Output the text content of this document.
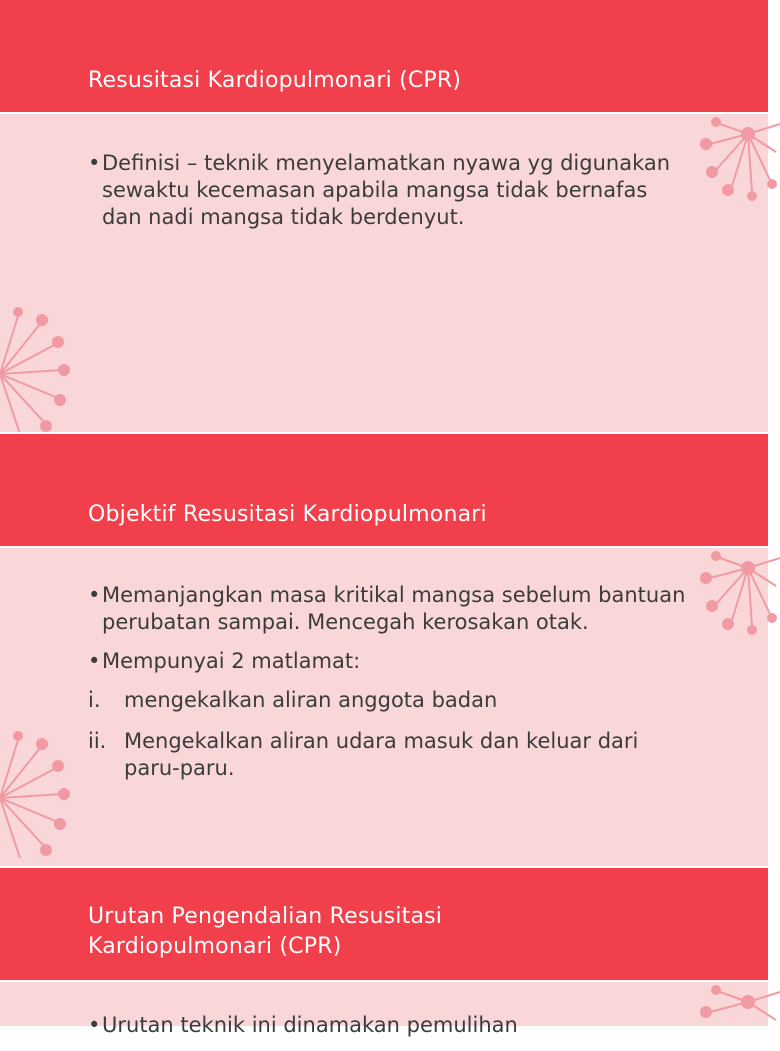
Resusitasi Kardiopulmonari (CPR)
• Definisi – teknik menyelamatkan nyawa yg digunakan sewaktu kecemasan apabila mangsa tidak bernafas dan nadi mangsa tidak berdenyut.
Objektif Resusitasi Kardiopulmonari
• Memanjangkan masa kritikal mangsa sebelum bantuan perubatan sampai. Mencegah kerosakan otak.
• Mempunyai 2 matlamat:
i. mengekalkan aliran anggota badan
ii. Mengekalkan aliran udara masuk dan keluar dari paru-paru.
Urutan Pengendalian Resusitasi
Kardiopulmonari (CPR)
• Urutan teknik ini dinamakan pemulihan
